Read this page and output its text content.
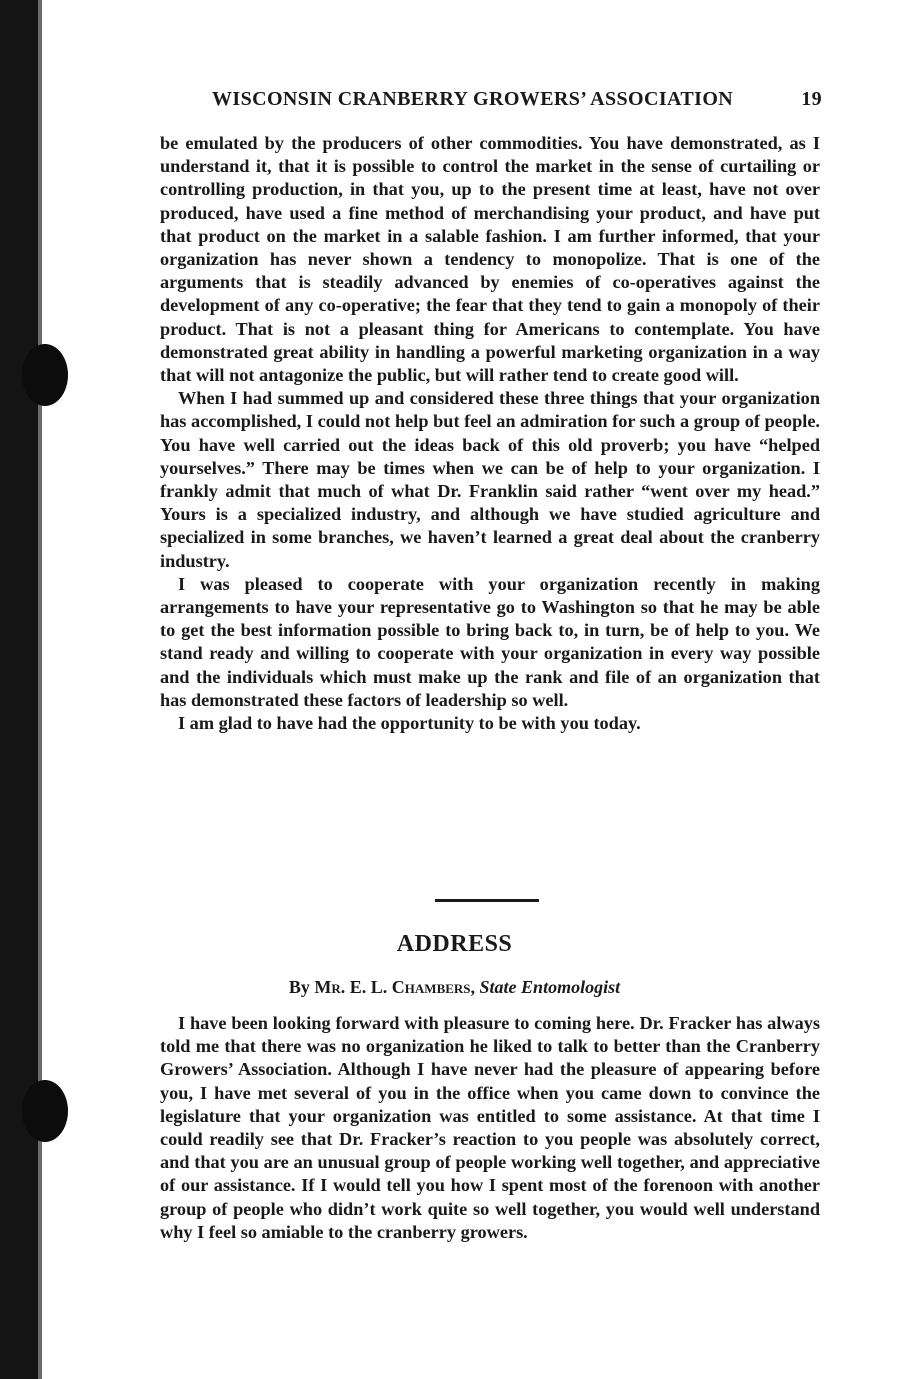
WISCONSIN CRANBERRY GROWERS’ ASSOCIATION	19

be emulated by the producers of other commodities. You have demonstrated, as I understand it, that it is possible to control the market in the sense of curtailing or controlling production, in that you, up to the present time at least, have not over produced, have used a fine method of merchandising your product, and have put that product on the market in a salable fashion. I am further informed, that your organization has never shown a tendency to monopolize. That is one of the arguments that is steadily advanced by enemies of co-operatives against the development of any co-operative; the fear that they tend to gain a monopoly of their product. That is not a pleasant thing for Americans to contemplate. You have demonstrated great ability in handling a powerful marketing organization in a way that will not antagonize the public, but will rather tend to create good will.

When I had summed up and considered these three things that your organization has accomplished, I could not help but feel an admiration for such a group of people. You have well carried out the ideas back of this old proverb; you have “helped yourselves.” There may be times when we can be of help to your organization. I frankly admit that much of what Dr. Franklin said rather “went over my head.” Yours is a specialized industry, and although we have studied agriculture and specialized in some branches, we haven’t learned a great deal about the cranberry industry.

I was pleased to cooperate with your organization recently in making arrangements to have your representative go to Washington so that he may be able to get the best information possible to bring back to, in turn, be of help to you. We stand ready and willing to cooperate with your organization in every way possible and the individuals which must make up the rank and file of an organization that has demonstrated these factors of leadership so well.

I am glad to have had the opportunity to be with you today.

ADDRESS
By Mr. E. L. Chambers, State Entomologist

I have been looking forward with pleasure to coming here. Dr. Fracker has always told me that there was no organization he liked to talk to better than the Cranberry Growers’ Association. Although I have never had the pleasure of appearing before you, I have met several of you in the office when you came down to convince the legislature that your organization was entitled to some assistance. At that time I could readily see that Dr. Fracker’s reaction to you people was absolutely correct, and that you are an unusual group of people working well together, and appreciative of our assistance. If I would tell you how I spent most of the forenoon with another group of people who didn’t work quite so well together, you would well understand why I feel so amiable to the cranberry growers.
